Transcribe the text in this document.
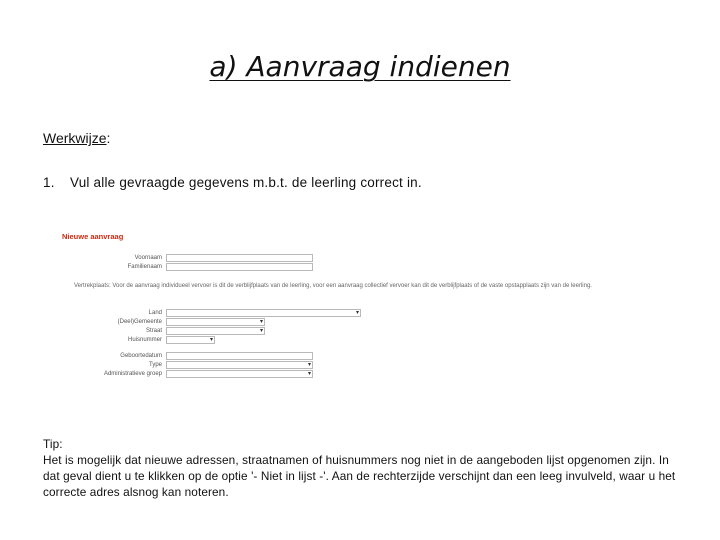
a) Aanvraag indienen
Werkwijze:
1. Vul alle gevraagde gegevens m.b.t. de leerling correct in.
Nieuwe aanvraag
Voornaam
Familienaam
Vertrekplaats: Voor de aanvraag individueel vervoer is dit de verblijfplaats van de leerling, voor een aanvraag collectief vervoer kan dit de verblijfplaats of de vaste opstapplaats zijn van de leerling.
Land	▾
(Deel)Gemeente	▾
Straat	▾
Huisnummer	▾
Geboortedatum
Type	▾
Administratieve groep	▾
Tip:
Het is mogelijk dat nieuwe adressen, straatnamen of huisnummers nog niet in de aangeboden lijst opgenomen zijn. In dat geval dient u te klikken op de optie '- Niet in lijst -'. Aan de rechterzijde verschijnt dan een leeg invulveld, waar u het correcte adres alsnog kan noteren.
